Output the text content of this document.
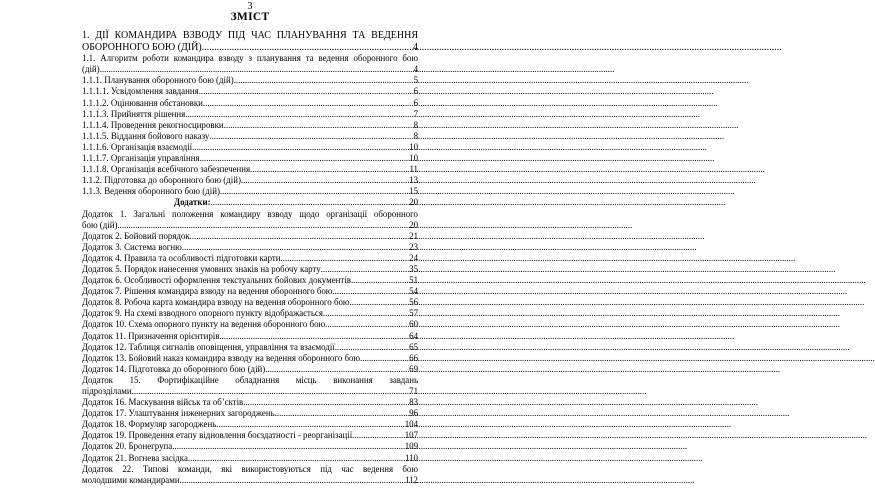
3
ЗМІСТ
1. ДІЇ КОМАНДИРА ВЗВОДУ ПІД ЧАС ПЛАНУВАННЯ ТА ВЕДЕННЯ
ОБОРОННОГО БОЮ (ДІЙ) .....	4
1.1. Алгоритм роботи командира взводу з планування та ведення оборонного бою
(дій) .....	4
1.1.1. Планування оборонного бою (дій) .....	5
1.1.1.1. Усвідомлення завдання .....	6
1.1.1.2. Оцінювання обстановки .....	6
1.1.1.3. Прийняття рішення .....	7
1.1.1.4. Проведення рекогносцировки .....	8
1.1.1.5. Віддання бойового наказу .....	8
1.1.1.6. Організація взаємодії .....	10
1.1.1.7. Організація управління .....	10
1.1.1.8. Організація всебічного забезпечення .....	11
1.1.2. Підготовка до оборонного бою (дій) .....	13
1.1.3. Ведення оборонного бою (дій) .....	15
Додатки: .....	20
Додаток 1. Загальні положення командиру взводу щодо організації оборонного
бою (дій) .....	20
Додаток 2. Бойовий порядок .....	21
Додаток 3. Система вогню .....	23
Додаток 4. Правила та особливості підготовки карти .....	24
Додаток 5. Порядок нанесення умовних знаків на робочу карту .....	35
Додаток 6. Особливості оформлення текстуальних бойових документів .....	51
Додаток 7. Рішення командира взводу на ведення оборонного бою .....	54
Додаток 8. Робоча карта командира взводу на ведення оборонного бою .....	56
Додаток 9. На схемі взводного опорного пункту відображається. .....	57
Додаток 10. Схема опорного пункту на ведення оборонного бою .....	60
Додаток 11. Призначення орієнтирів .....	64
Додаток 12. Таблиця сигналів оповіщення, управління та взаємодії .....	65
Додаток 13. Бойовий наказ командира взводу на ведення оборонного бою .....	66
Додаток 14. Підготовка до оборонного бою (дій) .....	69
Додаток 15. Фортифікаційне обладнання місць виконання завдань
підрозділами .....	71
Додаток 16. Маскування військ та об’єктів .....	83
Додаток 17. Улаштування інженерних загороджень .....	96
Додаток 18. Формуляр загороджень .....	104
Додаток 19. Проведення етапу відновлення боєздатності - реорганізації .....	107
Додаток 20. Бронегрупа .....	109
Додаток 21. Вогнева засідка .....	110
Додаток 22. Типові команди, які використовуються під час ведення бою
молодшими командирами .....	112
